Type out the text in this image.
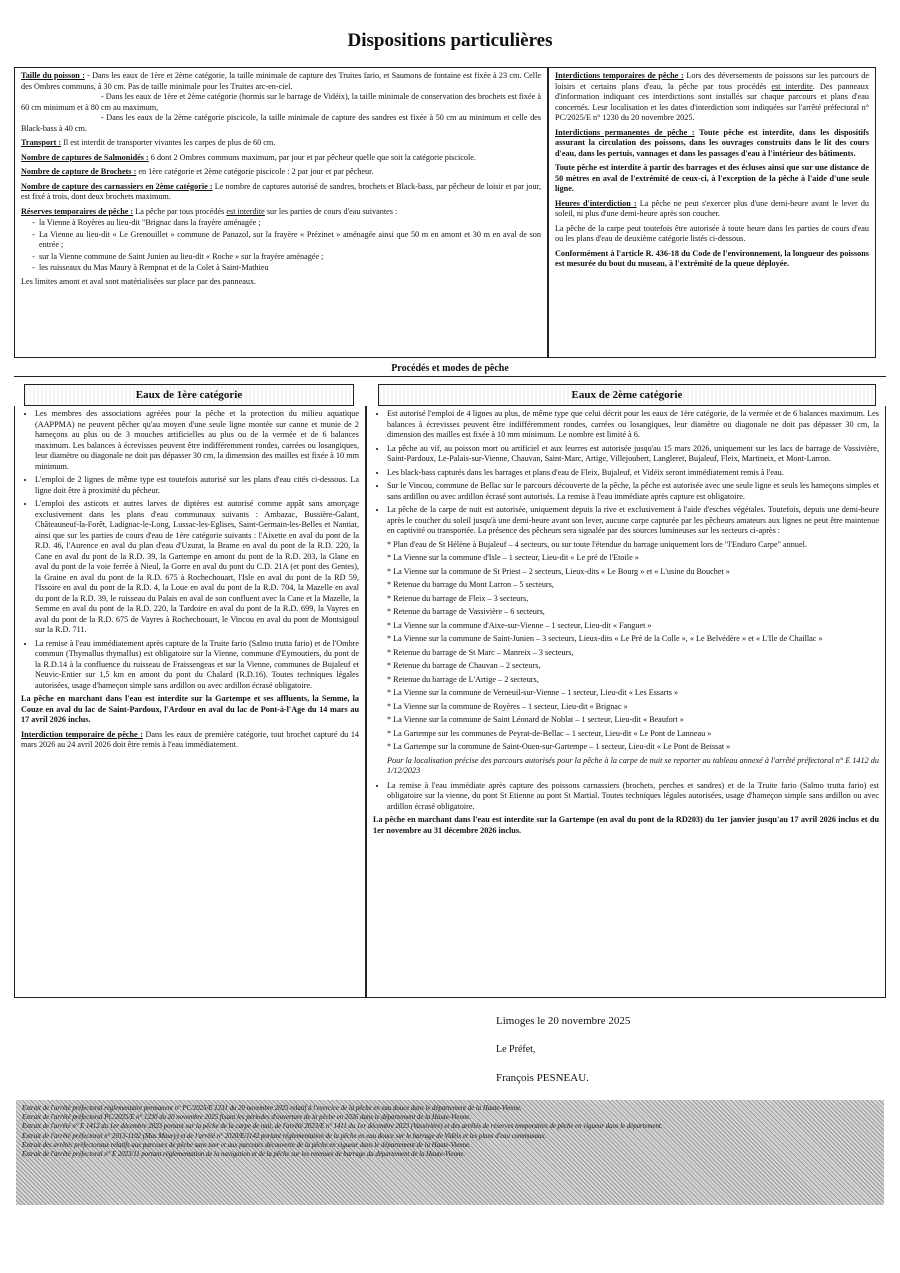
Dispositions particulières

Taille du poisson : - Dans les eaux de 1ère et 2ème catégorie, la taille minimale de capture des Truites fario, et Saumons de fontaine est fixée à 23 cm. Celle des Ombres communs, à 30 cm. Pas de taille minimale pour les Truites arc-en-ciel.
- Dans les eaux de 1ère et 2ème catégorie (hormis sur le barrage de Vidéix), la taille minimale de conservation des brochets est fixée à 60 cm minimum et à 80 cm au maximum,
- Dans les eaux de la 2ème catégorie piscicole, la taille minimale de capture des sandres est fixée à 50 cm au minimum et celle des Black-bass à 40 cm.

Transport : Il est interdit de transporter vivantes les carpes de plus de 60 cm.

Nombre de captures de Salmonidés : 6 dont 2 Ombres communs maximum, par jour et par pêcheur quelle que soit la catégorie piscicole.

Nombre de capture de Brochets : en 1ère catégorie et 2ème catégorie piscicole : 2 par jour et par pêcheur.

Nombre de capture des carnassiers en 2ème catégorie : Le nombre de captures autorisé de sandres, brochets et Black-bass, par pêcheur de loisir et par jour, est fixé à trois, dont deux brochets maximum.

Réserves temporaires de pêche : La pêche par tous procédés est interdite sur les parties de cours d'eau suivantes :

- la Vienne à Royères au lieu-dit "Brignac dans la frayère aménagée ;
- La Vienne au lieu-dit « Le Grenouillet » commune de Panazol, sur la frayère « Prézinet » aménagée ainsi que 50 m en amont et 30 m en aval de son entrée ;
- sur la Vienne commune de Saint Junien au lieu-dit « Roche » sur la frayère aménagée ;
- les ruisseaux du Mas Maury à Rempnat et de la Colet à Saint-Mathieu

Les limites amont et aval sont matérialisées sur place par des panneaux.

Interdictions temporaires de pêche : Lors des déversements de poissons sur les parcours de loisirs et certains plans d'eau, la pêche par tous procédés est interdite. Des panneaux d'information indiquant ces interdictions sont installés sur chaque parcours et plans d'eau concernés. Leur localisation et les dates d'interdiction sont indiquées sur l'arrêté préfectoral n° PC/2025/E n° 1230 du 20 novembre 2025.

Interdictions permanentes de pêche : Toute pêche est interdite, dans les dispositifs assurant la circulation des poissons, dans les ouvrages construits dans le lit des cours d'eau, dans les pertuis, vannages et dans les passages d'eau à l'intérieur des bâtiments.

Toute pêche est interdite à partir des barrages et des écluses ainsi que sur une distance de 50 mètres en aval de l'extrémité de ceux-ci, à l'exception de la pêche à l'aide d'une seule ligne.

Heures d'interdiction : La pêche ne peut s'exercer plus d'une demi-heure avant le lever du soleil, ni plus d'une demi-heure après son coucher.

La pêche de la carpe peut toutefois être autorisée à toute heure dans les parties de cours d'eau ou les plans d'eau de deuxième catégorie listés ci-dessous.

Conformément à l'article R. 436-18 du Code de l'environnement, la longueur des poissons est mesurée du bout du museau, à l'extrémité de la queue déployée.

Procédés et modes de pêche
Eaux de 1ère catégorie	Eaux de 2ème catégorie
• Les membres des associations agréées pour la pêche et la protection du milieu aquatique (AAPPMA) ne peuvent pêcher qu'au moyen d'une seule ligne montée sur canne et munie de 2 hameçons au plus ou de 3 mouches artificielles au plus ou de la vermée et de 6 balances maximum. Les balances à écrevisses peuvent être indifféremment rondes, carrées ou losangiques, leur diamètre ou diagonale ne doit pas dépasser 30 cm, la dimension des mailles est fixée à 10 mm minimum.
• L'emploi de 2 lignes de même type est toutefois autorisé sur les plans d'eau cités ci-dessous. La ligne doit être à proximité du pêcheur.
• L'emploi des asticots et autres larves de diptères est autorisé comme appât sans amorçage exclusivement dans les plans d'eau communaux suivants : Ambazac, Bussière-Galant, Châteauneuf-la-Forêt, Ladignac-le-Long, Lussac-les-Eglises, Saint-Germain-les-Belles et Nantiat, ainsi que sur les parties de cours d'eau de 1ère catégorie suivants : l'Aixette en aval du pont de la R.D. 46, l'Aurence en aval du plan d'eau d'Uzurat, la Brame en aval du pont de la R.D. 220, la Cane en aval du pont de la R.D. 39, la Gartempe en amont du pont de la R.D. 203, la Glane en aval du pont de la voie ferrée à Nieul, la Gorre en aval du pont du C.D. 21A (et pont des Gentes), la Graine en aval du pont de la R.D. 675 à Rochechouart, l'Isle en aval du pont de la RD 59, l'Issoire en aval du pont de la R.D. 4, la Loue en aval du pont de la R.D. 704, la Mazelle en aval du pont de la R.D. 39, le ruisseau du Palais en aval de son confluent avec la Cane et la Mazelle, la Semme en aval du pont de la R.D. 220, la Tardoire en aval du pont de la R.D. 699, la Vayres en aval du pont de la R.D. 675 de Vayres à Rochechouart, le Vincou en aval du pont de Montsigoul sur la R.D. 711.
• La remise à l'eau immédiatement après capture de la Truite fario (Salmo trutta fario) et de l'Ombre commun (Thymallus thymallus) est obligatoire sur la Vienne, commune d'Eymoutiers, du pont de la R.D.14 à la confluence du ruisseau de Fraissengeas et sur la Vienne, communes de Bujaleuf et Neuvic-Entier sur 1,5 km en amont du pont du Chalard (R.D.16). Toutes techniques légales autorisées, usage d'hameçon simple sans ardillon ou avec ardillon écrasé obligatoire.

La pêche en marchant dans l'eau est interdite sur la Gartempe et ses affluents, la Semme, la Couze en aval du lac de Saint-Pardoux, l'Ardour en aval du lac de Pont-à-l'Age du 14 mars au 17 avril 2026 inclus.

Interdiction temporaire de pêche : Dans les eaux de première catégorie, tout brochet capturé du 14 mars 2026 au 24 avril 2026 doit être remis à l'eau immédiatement.

• Est autorisé l'emploi de 4 lignes au plus, de même type que celui décrit pour les eaux de 1ère catégorie, de la vermée et de 6 balances maximum. Les balances à écrevisses peuvent être indifféremment rondes, carrées ou losangiques, leur diamètre ou diagonale ne doit pas dépasser 30 cm, la dimension des mailles est fixée à 10 mm minimum. Le nombre est limité à 6.
• La pêche au vif, au poisson mort ou artificiel et aux leurres est autorisée jusqu'au 15 mars 2026, uniquement sur les lacs de barrage de Vassivière, Saint-Pardoux, Le-Palais-sur-Vienne, Chauvan, Saint-Marc, Artige, Villejoubert, Langleret, Bujaleuf, Fleix, Martineix, et Mont-Larron.
• Les black-bass capturés dans les barrages et plans d'eau de Fleix, Bujaleuf, et Vidéix seront immédiatement remis à l'eau.
• Sur le Vincou, commune de Bellac sur le parcours découverte de la pêche, la pêche est autorisée avec une seule ligne et seuls les hameçons simples et sans ardillon ou avec ardillon écrasé sont autorisés. La remise à l'eau immédiate après capture est obligatoire.
• La pêche de la carpe de nuit est autorisée, uniquement depuis la rive et exclusivement à l'aide d'esches végétales. Toutefois, depuis une demi-heure après le coucher du soleil jusqu'à une demi-heure avant son lever, aucune carpe capturée par les pêcheurs amateurs aux lignes ne peut être maintenue en captivité ou transportée. La présence des pêcheurs sera signalée par des sources lumineuses sur les secteurs ci-après :
* Plan d'eau de St Hélène à Bujaleuf – 4 secteurs, ou sur toute l'étendue du barrage uniquement lors de "l'Enduro Carpe" annuel.
* La Vienne sur la commune d'Isle – 1 secteur, Lieu-dit « Le pré de l'Etoile »
* La Vienne sur la commune de St Priest – 2 secteurs, Lieux-dits « Le Bourg » et « L'usine du Bouchet »
* Retenue du barrage du Mont Larron – 5 secteurs,
* Retenue du barrage de Fleix – 3 secteurs,
* Retenue du barrage de Vassivière – 6 secteurs,
* La Vienne sur la commune d'Aixe-sur-Vienne – 1 secteur, Lieu-dit « Fanguet »
* La Vienne sur la commune de Saint-Junien – 3 secteurs, Lieux-dits « Le Pré de la Colle », « Le Belvédère » et « L'Ile de Chaillac »
* Retenue du barrage de St Marc – Manreix – 3 secteurs,
* Retenue du barrage de Chauvan – 2 secteurs,
* Retenue du barrage de L'Artige – 2 secteurs,
* La Vienne sur la commune de Verneuil-sur-Vienne – 1 secteur, Lieu-dit « Les Essarts »
* La Vienne sur la commune de Royères – 1 secteur, Lieu-dit « Brignac »
* La Vienne sur la commune de Saint Léonard de Noblat – 1 secteur, Lieu-dit « Beaufort »
* La Gartempe sur les communes de Peyrat-de-Bellac – 1 secteur, Lieu-dit « Le Pont de Lanneau »
* La Gartempe sur la commune de Saint-Ouen-sur-Gartempe – 1 secteur, Lieu-dit « Le Pont de Beissat »

Pour la localisation précise des parcours autorisés pour la pêche à la carpe de nuit se reporter au tableau annexé à l'arrêté préfectoral n° E 1412 du 1/12/2023

• La remise à l'eau immédiate après capture des poissons carnassiers (brochets, perches et sandres) et de la Truite fario (Salmo trutta fario) est obligatoire sur la vienne, du pont St Etienne au pont St Martial. Toutes techniques légales autorisées, usage d'hameçon simple sans ardillon ou avec ardillon écrasé obligatoire.

La pêche en marchant dans l'eau est interdite sur la Gartempe (en aval du pont de la RD203) du 1er janvier jusqu'au 17 avril 2026 inclus et du 1er novembre au 31 décembre 2026 inclus.

Limoges le 20 novembre 2025
Le Préfet,
François PESNEAU.

Extrait de l'arrêté préfectoral réglementaire permanent n° PC/2025/E 1231 du 20 novembre 2025 relatif à l'exercice de la pêche en eau douce dans le département de la Haute-Vienne.

Extrait de l'arrêté préfectoral PC/2025/E n° 1230 du 20 novembre 2025 fixant les périodes d'ouverture de la pêche en 2026 dans le département de la Haute-Vienne.

Extrait de l'arrêté n° E 1412 du 1er décembre 2023 portant sur la pêche de la carpe de nuit, de l'arrêté 2023/E n° 1411 du 1er décembre 2023 (Vassivière) et des arrêtés de réserves temporaires de pêche en vigueur dans le département.

Extrait de l'arrêté préfectoral n° 2013-1102 (Mas Maury) et de l'arrêté n° 2020/E/1142 portant réglementation de la pêche en eau douce sur le barrage de Vidéix et les plans d'eau communaux.

Extrait des arrêtés préfectoraux relatifs aux parcours de pêche sans tuer et aux parcours découverte de la pêche en vigueur dans le département de la Haute-Vienne.

Extrait de l'arrêté préfectoral n° E 2023/11 portant réglementation de la navigation et de la pêche sur les retenues de barrage du département de la Haute-Vienne.
